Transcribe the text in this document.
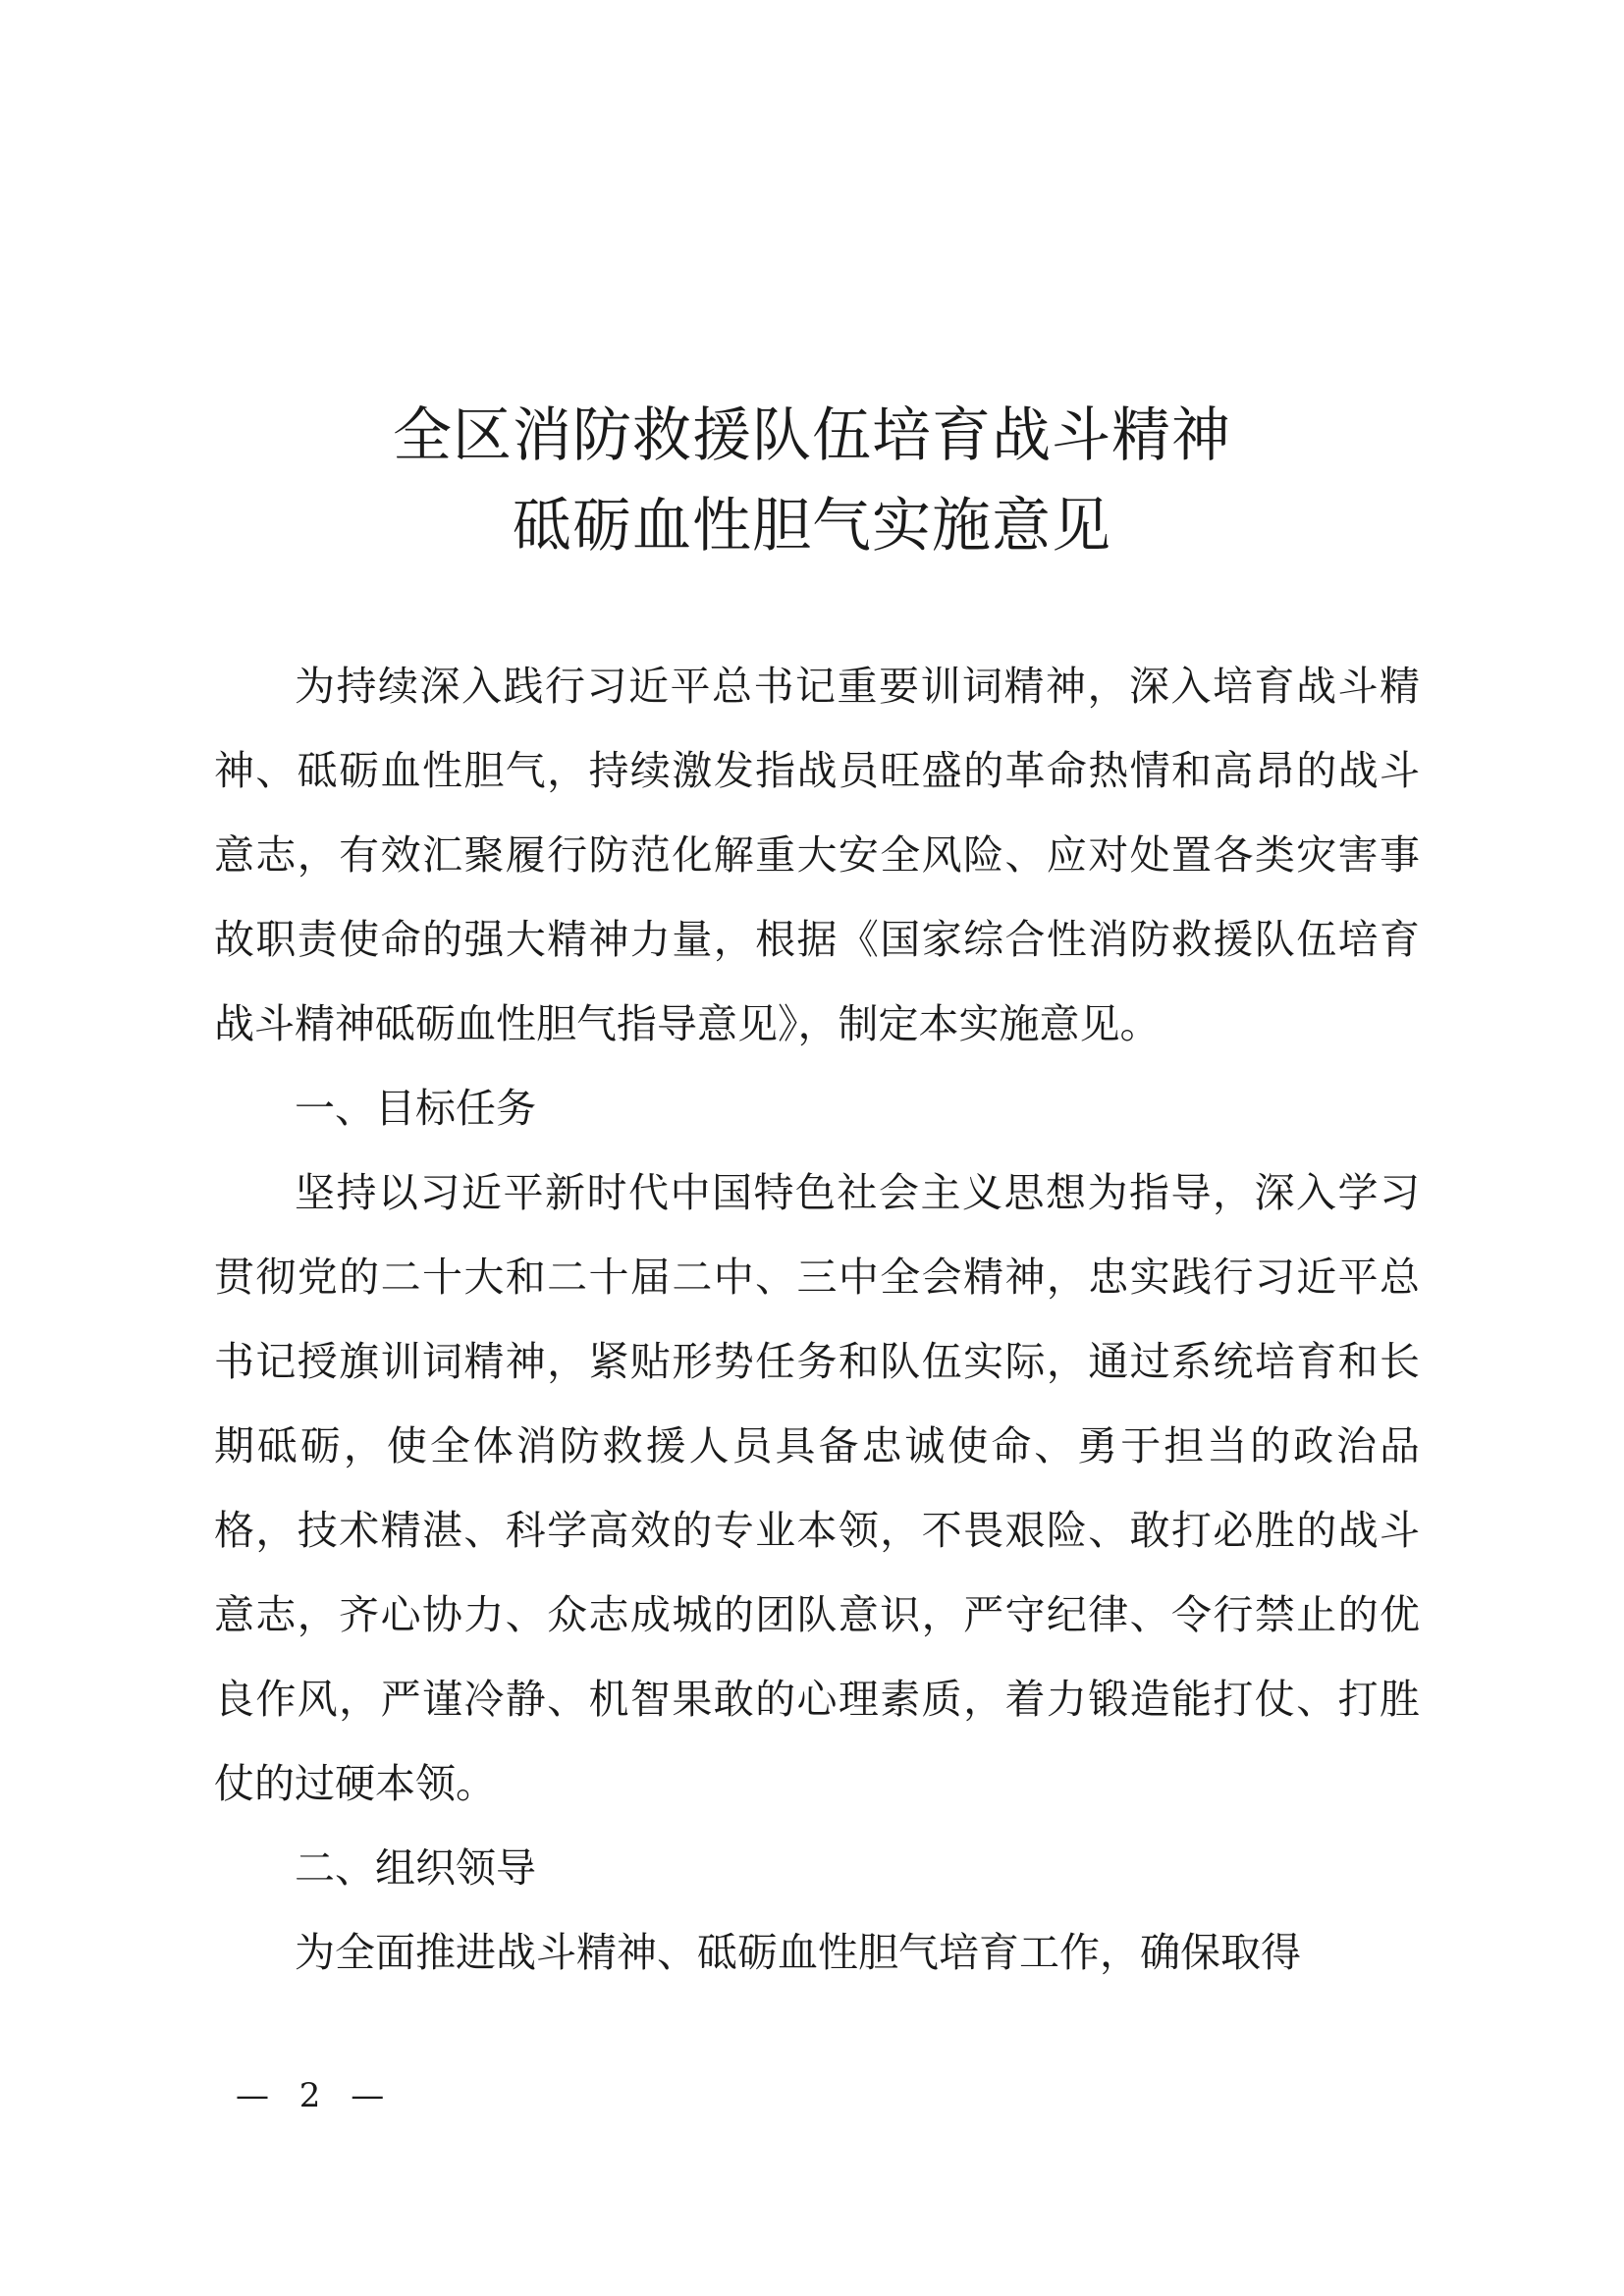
全区消防救援队伍培育战斗精神
砥砺血性胆气实施意见

为持续深入践行习近平总书记重要训词精神，深入培育战斗精神、砥砺血性胆气，持续激发指战员旺盛的革命热情和高昂的战斗意志，有效汇聚履行防范化解重大安全风险、应对处置各类灾害事故职责使命的强大精神力量，根据《国家综合性消防救援队伍培育战斗精神砥砺血性胆气指导意见》，制定本实施意见。

一、目标任务

坚持以习近平新时代中国特色社会主义思想为指导，深入学习贯彻党的二十大和二十届二中、三中全会精神，忠实践行习近平总书记授旗训词精神，紧贴形势任务和队伍实际，通过系统培育和长期砥砺，使全体消防救援人员具备忠诚使命、勇于担当的政治品格，技术精湛、科学高效的专业本领，不畏艰险、敢打必胜的战斗意志，齐心协力、众志成城的团队意识，严守纪律、令行禁止的优良作风，严谨冷静、机智果敢的心理素质，着力锻造能打仗、打胜仗的过硬本领。

二、组织领导

为全面推进战斗精神、砥砺血性胆气培育工作，确保取得

— 2 —
